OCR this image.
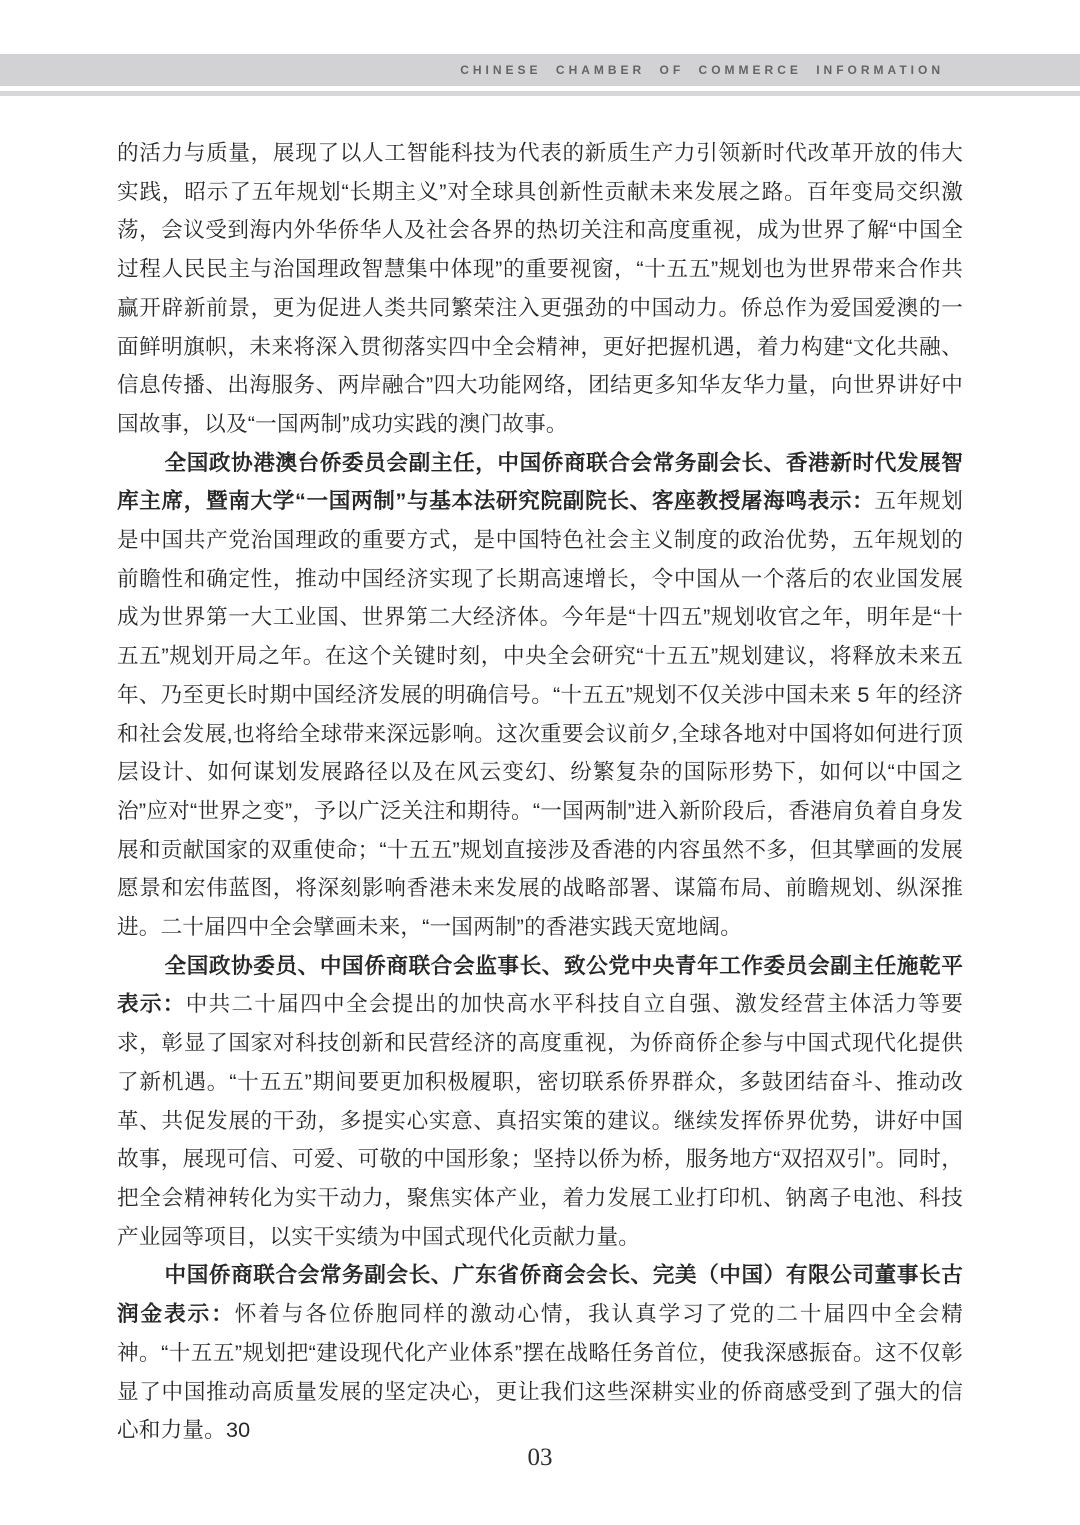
CHINESE CHAMBER OF COMMERCE INFORMATION

的活力与质量，展现了以人工智能科技为代表的新质生产力引领新时代改革开放的伟大实践，昭示了五年规划“长期主义”对全球具创新性贡献未来发展之路。百年变局交织激荡，会议受到海内外华侨华人及社会各界的热切关注和高度重视，成为世界了解“中国全过程人民民主与治国理政智慧集中体现”的重要视窗，“十五五”规划也为世界带来合作共赢开辟新前景，更为促进人类共同繁荣注入更强劲的中国动力。侨总作为爱国爱澳的一面鲜明旗帜，未来将深入贯彻落实四中全会精神，更好把握机遇，着力构建“文化共融、信息传播、出海服务、两岸融合”四大功能网络，团结更多知华友华力量，向世界讲好中国故事，以及“一国两制”成功实践的澳门故事。

全国政协港澳台侨委员会副主任，中国侨商联合会常务副会长、香港新时代发展智库主席，暨南大学“一国两制”与基本法研究院副院长、客座教授屠海鸣表示：五年规划是中国共产党治国理政的重要方式，是中国特色社会主义制度的政治优势，五年规划的前瞻性和确定性，推动中国经济实现了长期高速增长，令中国从一个落后的农业国发展成为世界第一大工业国、世界第二大经济体。今年是“十四五”规划收官之年，明年是“十五五”规划开局之年。在这个关键时刻，中央全会研究“十五五”规划建议，将释放未来五年、乃至更长时期中国经济发展的明确信号。“十五五”规划不仅关涉中国未来 5 年的经济和社会发展,也将给全球带来深远影响。这次重要会议前夕,全球各地对中国将如何进行顶层设计、如何谋划发展路径以及在风云变幻、纷繁复杂的国际形势下，如何以“中国之治”应对“世界之变”，予以广泛关注和期待。“一国两制”进入新阶段后，香港肩负着自身发展和贡献国家的双重使命；“十五五”规划直接涉及香港的内容虽然不多，但其擘画的发展愿景和宏伟蓝图，将深刻影响香港未来发展的战略部署、谋篇布局、前瞻规划、纵深推进。二十届四中全会擘画未来，“一国两制”的香港实践天宽地阔。

全国政协委员、中国侨商联合会监事长、致公党中央青年工作委员会副主任施乾平表示：中共二十届四中全会提出的加快高水平科技自立自强、激发经营主体活力等要求，彰显了国家对科技创新和民营经济的高度重视，为侨商侨企参与中国式现代化提供了新机遇。“十五五”期间要更加积极履职，密切联系侨界群众，多鼓团结奋斗、推动改革、共促发展的干劲，多提实心实意、真招实策的建议。继续发挥侨界优势，讲好中国故事，展现可信、可爱、可敬的中国形象；坚持以侨为桥，服务地方“双招双引”。同时，把全会精神转化为实干动力，聚焦实体产业，着力发展工业打印机、钠离子电池、科技产业园等项目，以实干实绩为中国式现代化贡献力量。

中国侨商联合会常务副会长、广东省侨商会会长、完美（中国）有限公司董事长古润金表示：怀着与各位侨胞同样的激动心情，我认真学习了党的二十届四中全会精神。“十五五”规划把“建设现代化产业体系”摆在战略任务首位，使我深感振奋。这不仅彰显了中国推动高质量发展的坚定决心，更让我们这些深耕实业的侨商感受到了强大的信心和力量。30

03
